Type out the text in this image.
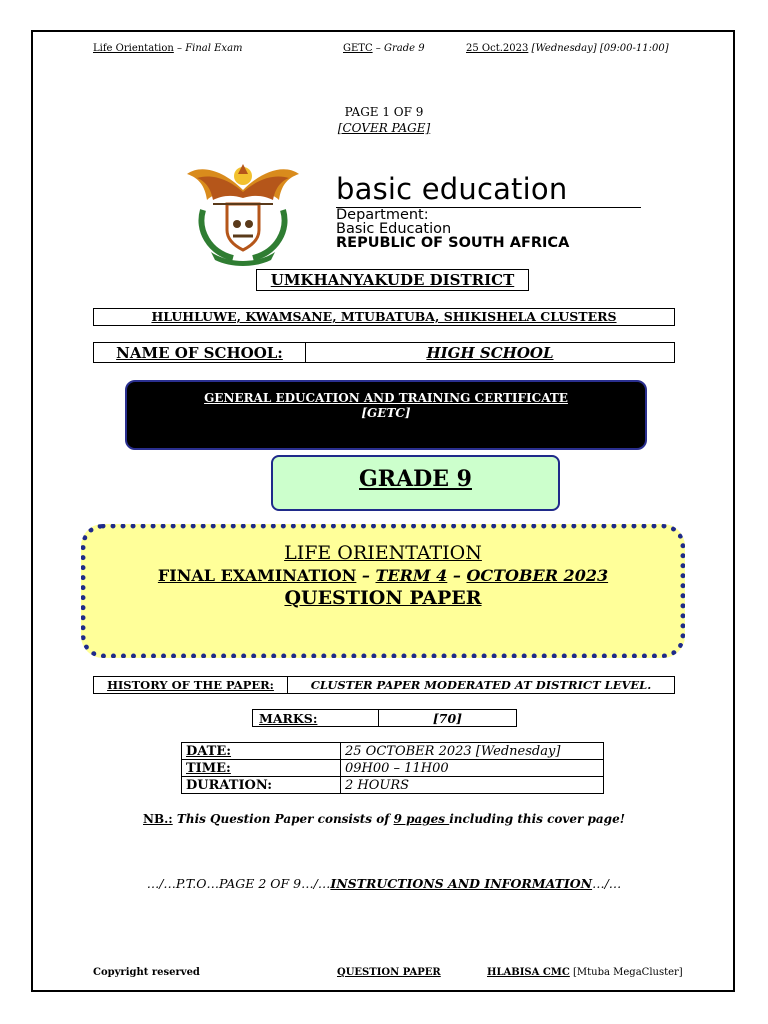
Life Orientation – Final Exam	GETC – Grade 9	25 Oct.2023 [Wednesday] [09:00-11:00]
PAGE 1 OF 9
[COVER PAGE]
basic education
Department:
Basic Education
REPUBLIC OF SOUTH AFRICA
UMKHANYAKUDE DISTRICT
HLUHLUWE, KWAMSANE, MTUBATUBA, SHIKISHELA CLUSTERS
NAME OF SCHOOL:	HIGH SCHOOL
GENERAL EDUCATION AND TRAINING CERTIFICATE
[GETC]
GRADE 9
LIFE ORIENTATION
FINAL EXAMINATION – TERM 4 – OCTOBER 2023
QUESTION PAPER
HISTORY OF THE PAPER:	CLUSTER PAPER MODERATED AT DISTRICT LEVEL.
MARKS:	[70]
DATE:	25 OCTOBER 2023 [Wednesday]
TIME:	09H00 – 11H00
DURATION:	2 HOURS
NB.: This Question Paper consists of 9 pages including this cover page!
…/…P.T.O…PAGE 2 OF 9…/…INSTRUCTIONS AND INFORMATION…/…
Copyright reserved	QUESTION PAPER	HLABISA CMC [Mtuba MegaCluster]
